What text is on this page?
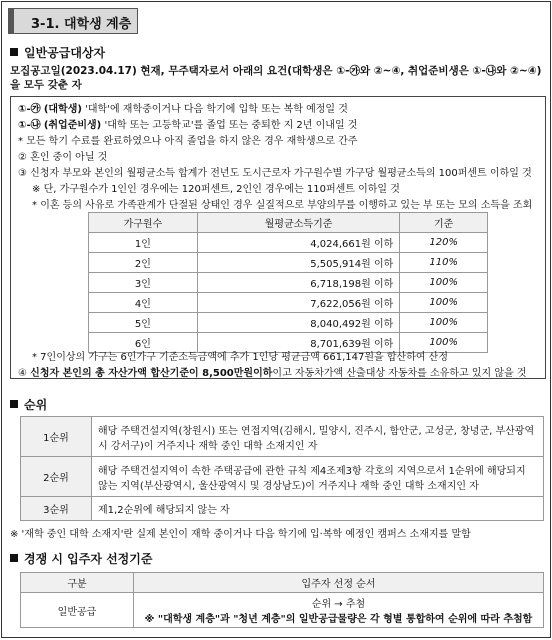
3-1. 대학생 계층
일반공급대상자
모집공고일(2023.04.17) 현재, 무주택자로서 아래의 요건(대학생은 ①-㉮와 ②~④, 취업준비생은 ①-㉯와 ②~④)을 모두 갖춘 자
①-㉮ (대학생) '대학'에 재학중이거나 다음 학기에 입학 또는 복학 예정일 것
①-㉯ (취업준비생) '대학 또는 고등학교'를 졸업 또는 중퇴한 지 2년 이내일 것
* 모든 학기 수료를 완료하였으나 아직 졸업을 하지 않은 경우 재학생으로 간주
② 혼인 중이 아닐 것
③ 신청자 부모와 본인의 월평균소득 합계가 전년도 도시근로자 가구원수별 가구당 월평균소득의 100퍼센트 이하일 것
※ 단, 가구원수가 1인인 경우에는 120퍼센트, 2인인 경우에는 110퍼센트 이하일 것
* 이혼 등의 사유로 가족관계가 단절된 상태인 경우 실질적으로 부양의무를 이행하고 있는 부 또는 모의 소득을 조회
가구원수	월평균소득기준	기준
1인	4,024,661원 이하	120%
2인	5,505,914원 이하	110%
3인	6,718,198원 이하	100%
4인	7,622,056원 이하	100%
5인	8,040,492원 이하	100%
6인	8,701,639원 이하	100%
* 7인이상의 가구는 6인가구 기준소득금액에 추가 1인당 평균금액 661,147원을 합산하여 산정
④ 신청자 본인의 총 자산가액 합산기준이 8,500만원이하이고 자동차가액 산출대상 자동차를 소유하고 있지 않을 것
순위
1순위	해당 주택건설지역(창원시) 또는 연접지역(김해시, 밀양시, 진주시, 함안군, 고성군, 창녕군, 부산광역시 강서구)이 거주지나 재학 중인 대학 소재지인 자
2순위	해당 주택건설지역이 속한 주택공급에 관한 규칙 제4조제3항 각호의 지역으로서 1순위에 해당되지 않는 지역(부산광역시, 울산광역시 및 경상남도)이 거주지나 재학 중인 대학 소재지인 자
3순위	제1,2순위에 해당되지 않는 자
※ '재학 중인 대학 소재지'란 실제 본인이 재학 중이거나 다음 학기에 입·복학 예정인 캠퍼스 소재지를 말함
경쟁 시 입주자 선정기준
구분	입주자 선정 순서
일반공급	순위 → 추첨
※ "대학생 계층"과 "청년 계층"의 일반공급물량은 각 형별 통합하여 순위에 따라 추첨함
